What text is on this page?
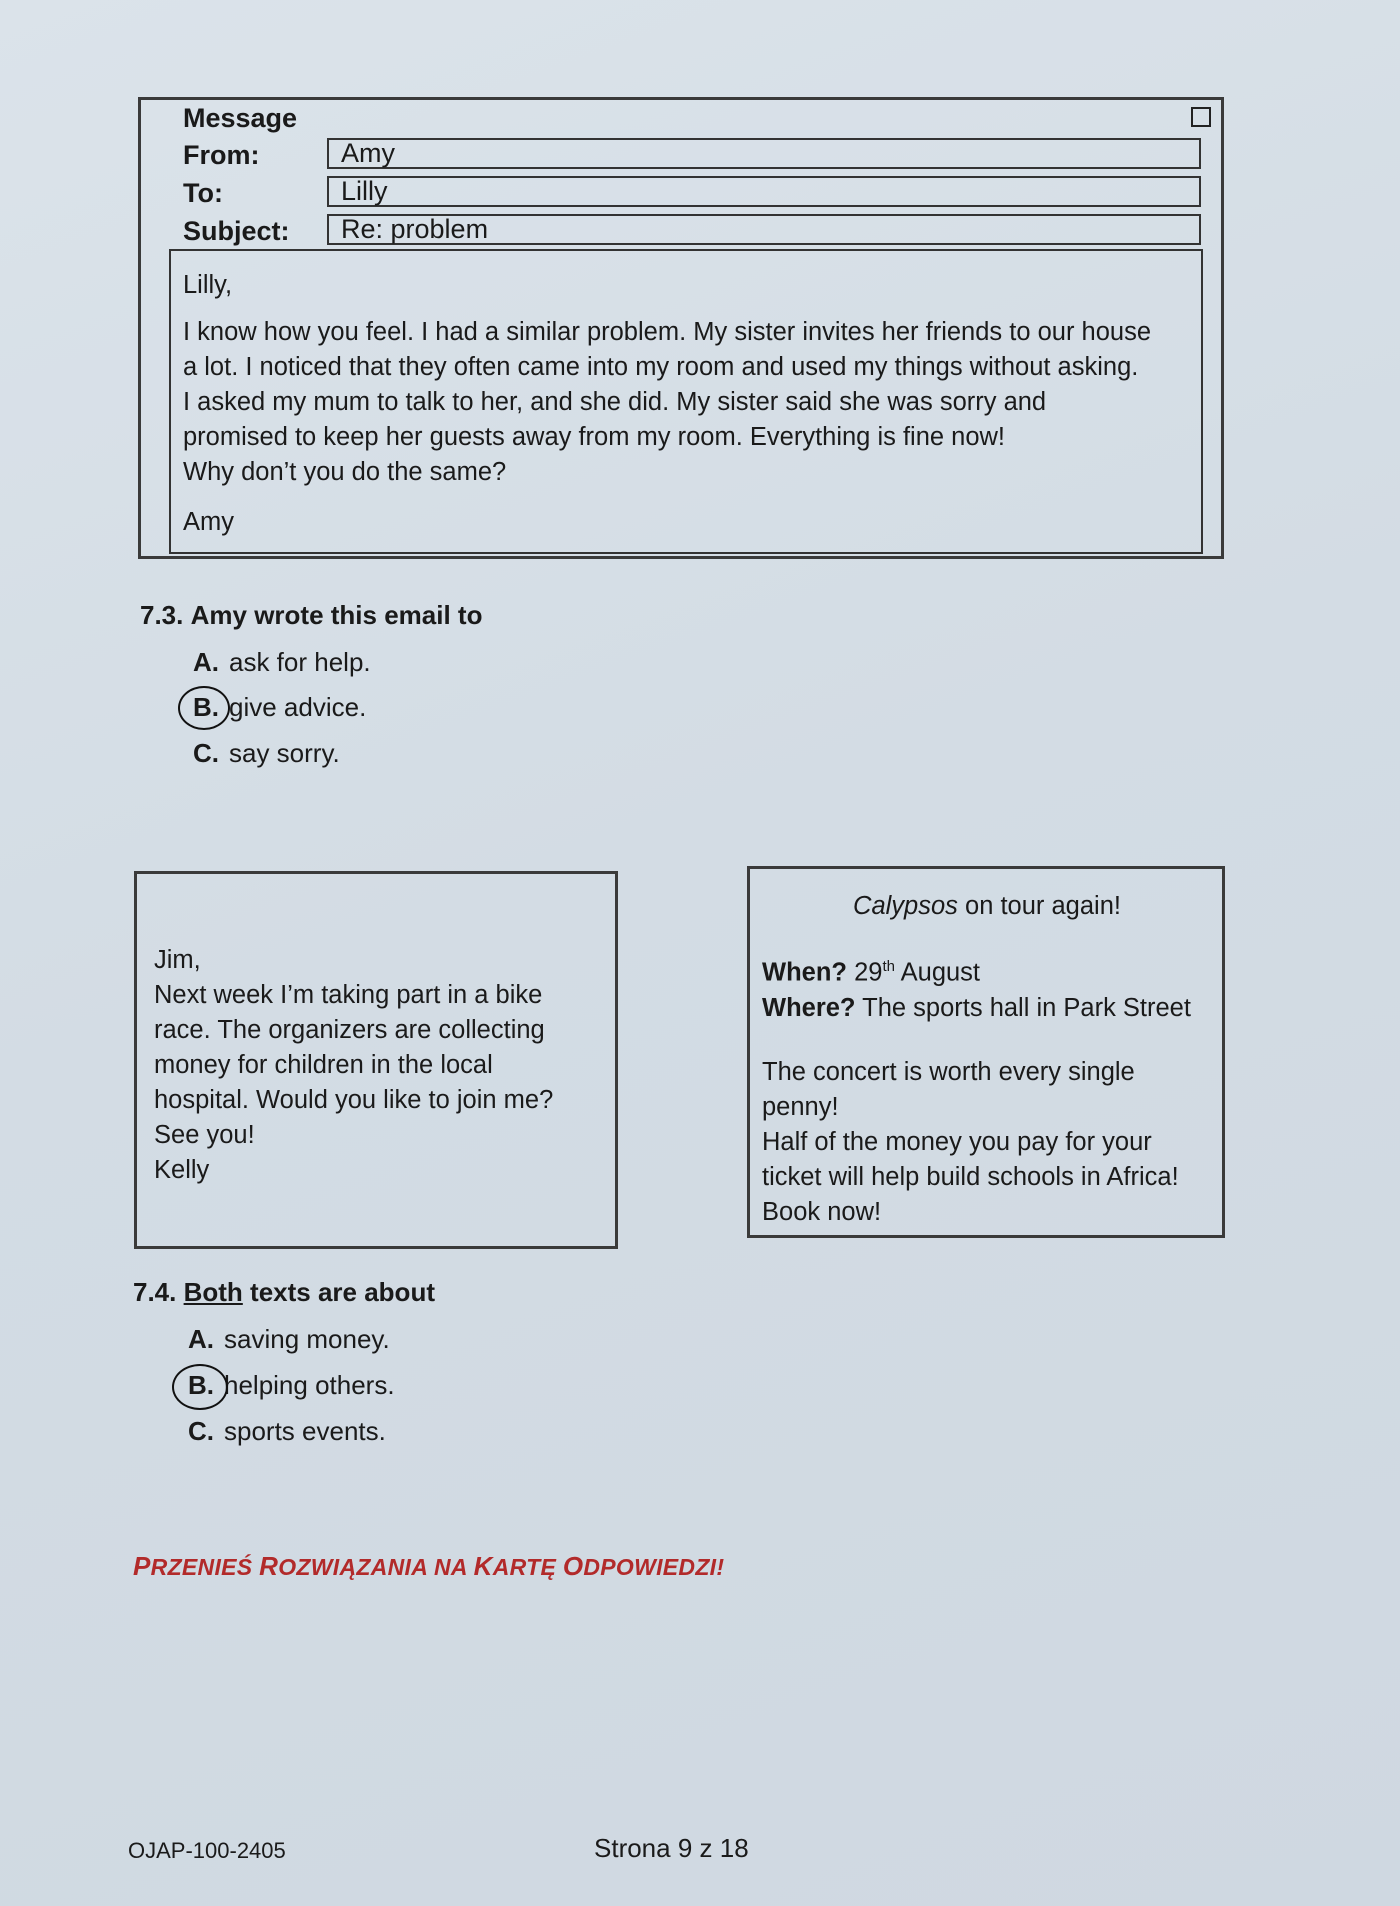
Message
From:	Amy
To:	Lilly
Subject:	Re: problem

Lilly,

I know how you feel. I had a similar problem. My sister invites her friends to our house

a lot. I noticed that they often came into my room and used my things without asking.

I asked my mum to talk to her, and she did. My sister said she was sorry and

promised to keep her guests away from my room. Everything is fine now!

Why don’t you do the same?

Amy

7.3. Amy wrote this email to
A. ask for help.
B. give advice.
C. say sorry.

Jim,

Next week I’m taking part in a bike

race. The organizers are collecting

money for children in the local

hospital. Would you like to join me?

See you!

Kelly

Calypsos on tour again!

When? 29th August

Where? The sports hall in Park Street

The concert is worth every single

penny!

Half of the money you pay for your

ticket will help build schools in Africa!

Book now!

7.4. Both texts are about
A. saving money.
B. helping others.
C. sports events.
PRZENIEŚ ROZWIĄZANIA NA KARTĘ ODPOWIEDZI!
OJAP-100-2405	Strona 9 z 18
